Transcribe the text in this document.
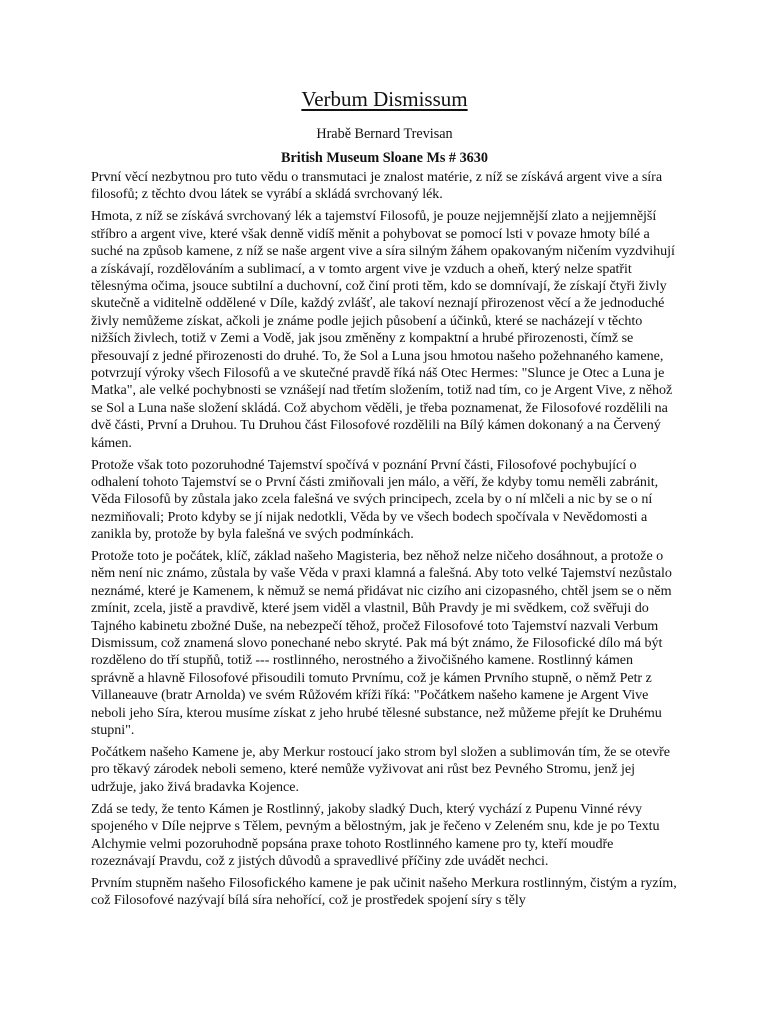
Verbum Dismissum
Hrabě Bernard Trevisan
British Museum Sloane Ms # 3630

První věcí nezbytnou pro tuto vědu o transmutaci je znalost matérie, z níž se získává argent vive a síra filosofů; z těchto dvou látek se vyrábí a skládá svrchovaný lék.

Hmota, z níž se získává svrchovaný lék a tajemství Filosofů, je pouze nejjemnější zlato a nejjemnější stříbro a argent vive, které však denně vidíš měnit a pohybovat se pomocí lsti v povaze hmoty bílé a suché na způsob kamene, z níž se naše argent vive a síra silným žáhem opakovaným ničením vyzdvihují a získávají, rozdělováním a sublimací, a v tomto argent vive je vzduch a oheň, který nelze spatřit tělesnýma očima, jsouce subtilní a duchovní, což činí proti těm, kdo se domnívají, že získají čtyři živly skutečně a viditelně oddělené v Díle, každý zvlášť, ale takoví neznají přirozenost věcí a že jednoduché živly nemůžeme získat, ačkoli je známe podle jejich působení a účinků, které se nacházejí v těchto nižších živlech, totiž v Zemi a Vodě, jak jsou změněny z kompaktní a hrubé přirozenosti, čímž se přesouvají z jedné přirozenosti do druhé. To, že Sol a Luna jsou hmotou našeho požehnaného kamene, potvrzují výroky všech Filosofů a ve skutečné pravdě říká náš Otec Hermes: "Slunce je Otec a Luna je Matka", ale velké pochybnosti se vznášejí nad třetím složením, totiž nad tím, co je Argent Vive, z něhož se Sol a Luna naše složení skládá. Což abychom věděli, je třeba poznamenat, že Filosofové rozdělili na dvě části, První a Druhou. Tu Druhou část Filosofové rozdělili na Bílý kámen dokonaný a na Červený kámen.

Protože však toto pozoruhodné Tajemství spočívá v poznání První části, Filosofové pochybující o odhalení tohoto Tajemství se o První části zmiňovali jen málo, a věří, že kdyby tomu neměli zabránit, Věda Filosofů by zůstala jako zcela falešná ve svých principech, zcela by o ní mlčeli a nic by se o ní nezmiňovali; Proto kdyby se jí nijak nedotkli, Věda by ve všech bodech spočívala v Nevědomosti a zanikla by, protože by byla falešná ve svých podmínkách.

Protože toto je počátek, klíč, základ našeho Magisteria, bez něhož nelze ničeho dosáhnout, a protože o něm není nic známo, zůstala by vaše Věda v praxi klamná a falešná. Aby toto velké Tajemství nezůstalo neznámé, které je Kamenem, k němuž se nemá přidávat nic cizího ani cizopasného, chtěl jsem se o něm zmínit, zcela, jistě a pravdivě, které jsem viděl a vlastnil, Bůh Pravdy je mi svědkem, což svěřuji do Tajného kabinetu zbožné Duše, na nebezpečí těhož, pročež Filosofové toto Tajemství nazvali Verbum Dismissum, což znamená slovo ponechané nebo skryté. Pak má být známo, že Filosofické dílo má být rozděleno do tří stupňů, totiž --- rostlinného, nerostného a živočišného kamene. Rostlinný kámen správně a hlavně Filosofové přisoudili tomuto Prvnímu, což je kámen Prvního stupně, o němž Petr z Villaneauve (bratr Arnolda) ve svém Růžovém kříži říká: "Počátkem našeho kamene je Argent Vive neboli jeho Síra, kterou musíme získat z jeho hrubé tělesné substance, než můžeme přejít ke Druhému stupni".

Počátkem našeho Kamene je, aby Merkur rostoucí jako strom byl složen a sublimován tím, že se otevře pro těkavý zárodek neboli semeno, které nemůže vyživovat ani růst bez Pevného Stromu, jenž jej udržuje, jako živá bradavka Kojence.

Zdá se tedy, že tento Kámen je Rostlinný, jakoby sladký Duch, který vychází z Pupenu Vinné révy spojeného v Díle nejprve s Tělem, pevným a bělostným, jak je řečeno v Zeleném snu, kde je po Textu Alchymie velmi pozoruhodně popsána praxe tohoto Rostlinného kamene pro ty, kteří moudře rozeznávají Pravdu, což z jistých důvodů a spravedlivé příčiny zde uvádět nechci.

Prvním stupněm našeho Filosofického kamene je pak učinit našeho Merkura rostlinným, čistým a ryzím, což Filosofové nazývají bílá síra nehořící, což je prostředek spojení síry s těly
